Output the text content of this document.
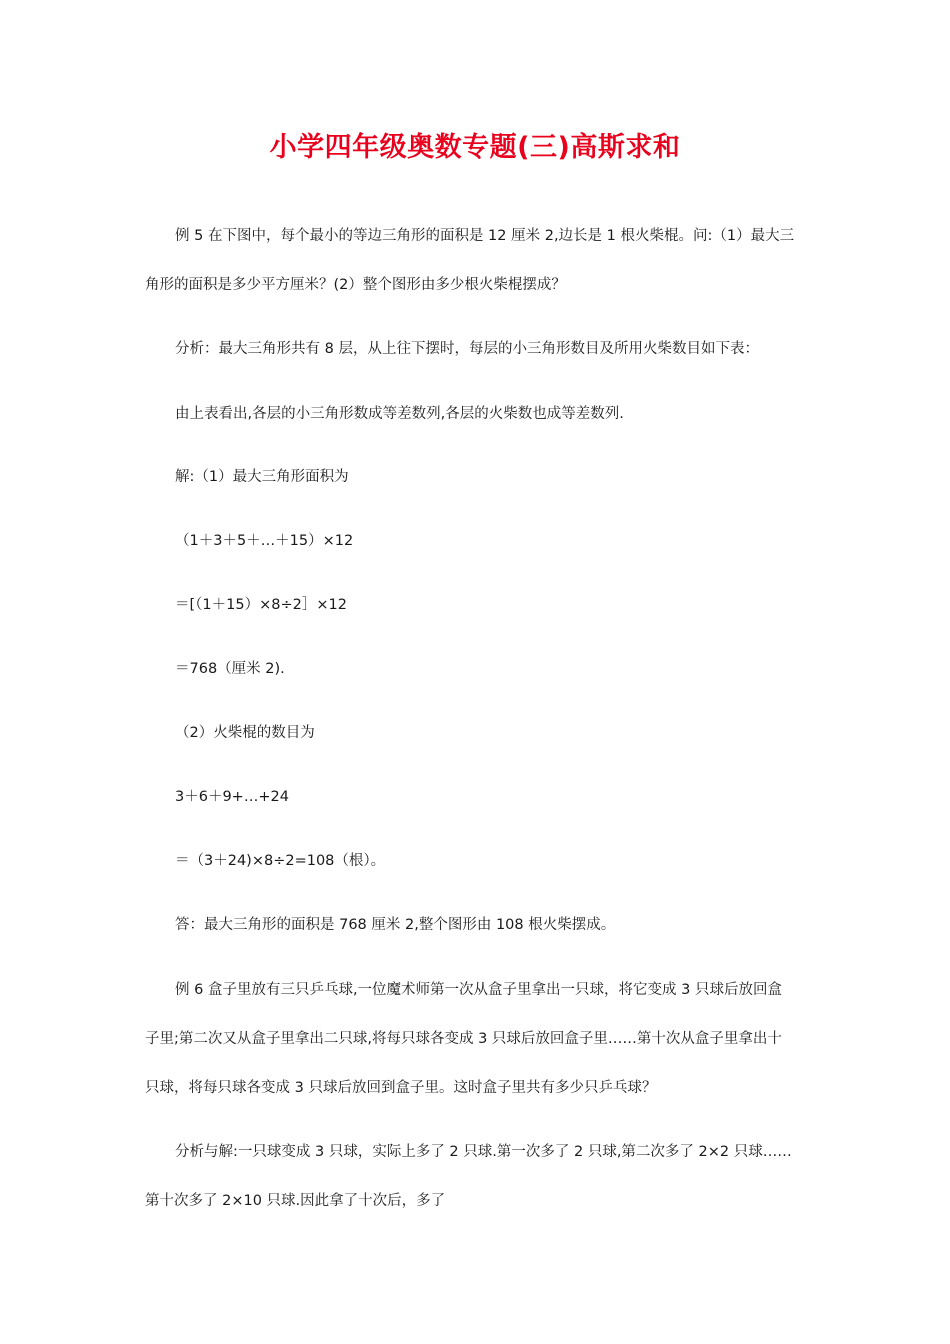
小学四年级奥数专题(三)高斯求和
例 5 在下图中，每个最小的等边三角形的面积是 12 厘米 2,边长是 1 根火柴棍。问:（1）最大三
角形的面积是多少平方厘米？(2）整个图形由多少根火柴棍摆成？
分析：最大三角形共有 8 层，从上往下摆时，每层的小三角形数目及所用火柴数目如下表：
由上表看出,各层的小三角形数成等差数列,各层的火柴数也成等差数列.
解:（1）最大三角形面积为
（1＋3＋5＋…＋15）×12
＝[（1＋15）×8÷2］×12
＝768（厘米 2).
（2）火柴棍的数目为
3＋6＋9+…+24
＝（3＋24)×8÷2=108（根）。
答：最大三角形的面积是 768 厘米 2,整个图形由 108 根火柴摆成。
例 6 盒子里放有三只乒乓球,一位魔术师第一次从盒子里拿出一只球，将它变成 3 只球后放回盒
子里;第二次又从盒子里拿出二只球,将每只球各变成 3 只球后放回盒子里……第十次从盒子里拿出十
只球，将每只球各变成 3 只球后放回到盒子里。这时盒子里共有多少只乒乓球？
分析与解:一只球变成 3 只球，实际上多了 2 只球.第一次多了 2 只球,第二次多了 2×2 只球……
第十次多了 2×10 只球.因此拿了十次后，多了
